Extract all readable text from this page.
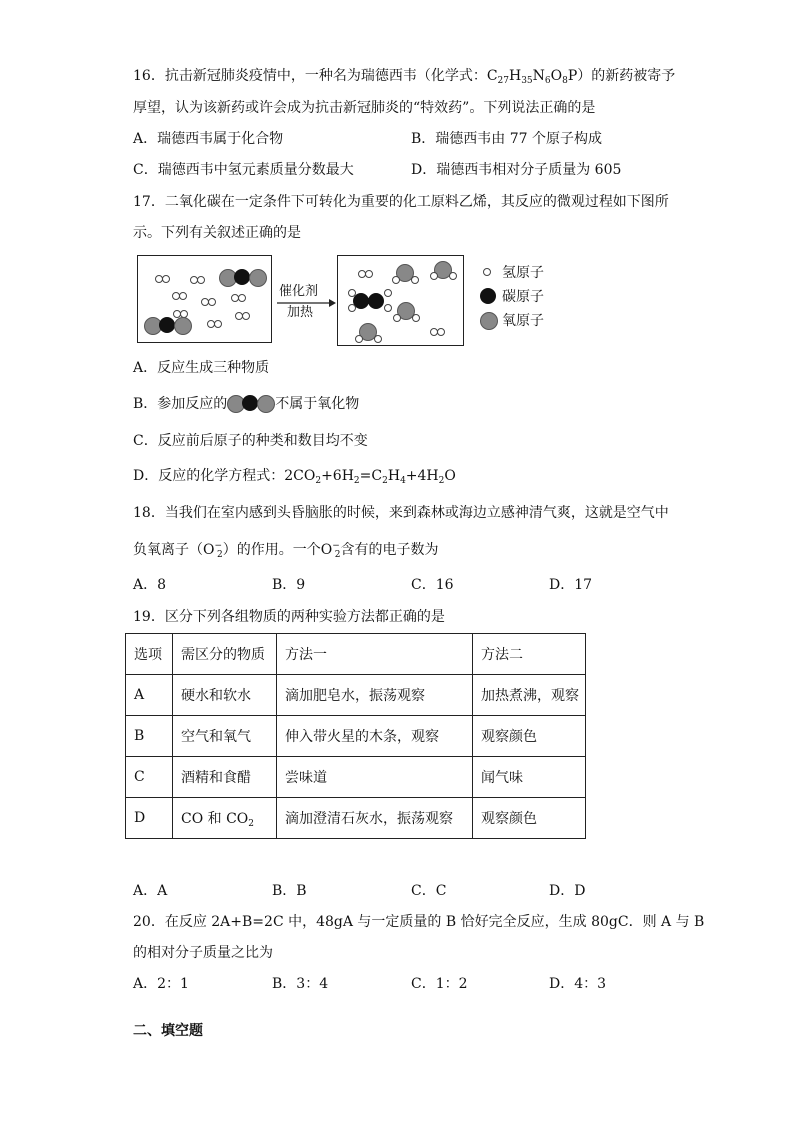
16．抗击新冠肺炎疫情中，一种名为瑞德西韦（化学式：$C_{27}H_{35}N_6O_8P$）的新药被寄予
厚望，认为该新药或许会成为抗击新冠肺炎的“特效药”。下列说法正确的是
A．瑞德西韦属于化合物	B．瑞德西韦由 77 个原子构成
C．瑞德西韦中氢元素质量分数最大	D．瑞德西韦相对分子质量为 605
17．二氧化碳在一定条件下可转化为重要的化工原料乙烯，其反应的微观过程如下图所
示。下列有关叙述正确的是
催化剂
加热
氢原子
碳原子
氧原子
A．反应生成三种物质
B．参加反应的	不属于氧化物
C．反应前后原子的种类和数目均不变
D．反应的化学方程式：$2CO_2+6H_2=C_2H_4+4H_2O$
18．当我们在室内感到头昏脑胀的时候，来到森林或海边立感神清气爽，这就是空气中
负氧离子$(O^-_2)$的作用。一个$O^-_2$含有的电子数为
A．8	B．9	C．16	D．17
19．区分下列各组物质的两种实验方法都正确的是
选项	需区分的物质	方法一	方法二
A	硬水和软水	滴加肥皂水，振荡观察	加热煮沸，观察
B	空气和氧气	伸入带火星的木条，观察	观察颜色
C	酒精和食醋	尝味道	闻气味
D	CO 和 $CO_2$	滴加澄清石灰水，振荡观察	观察颜色
A．A	B．B	C．C	D．D
20．在反应 2A+B=2C 中，48gA 与一定质量的 B 恰好完全反应，生成 80gC．则 A 与 B
的相对分子质量之比为
A．2：1	B．3：4	C．1：2	D．4：3
二、填空题
